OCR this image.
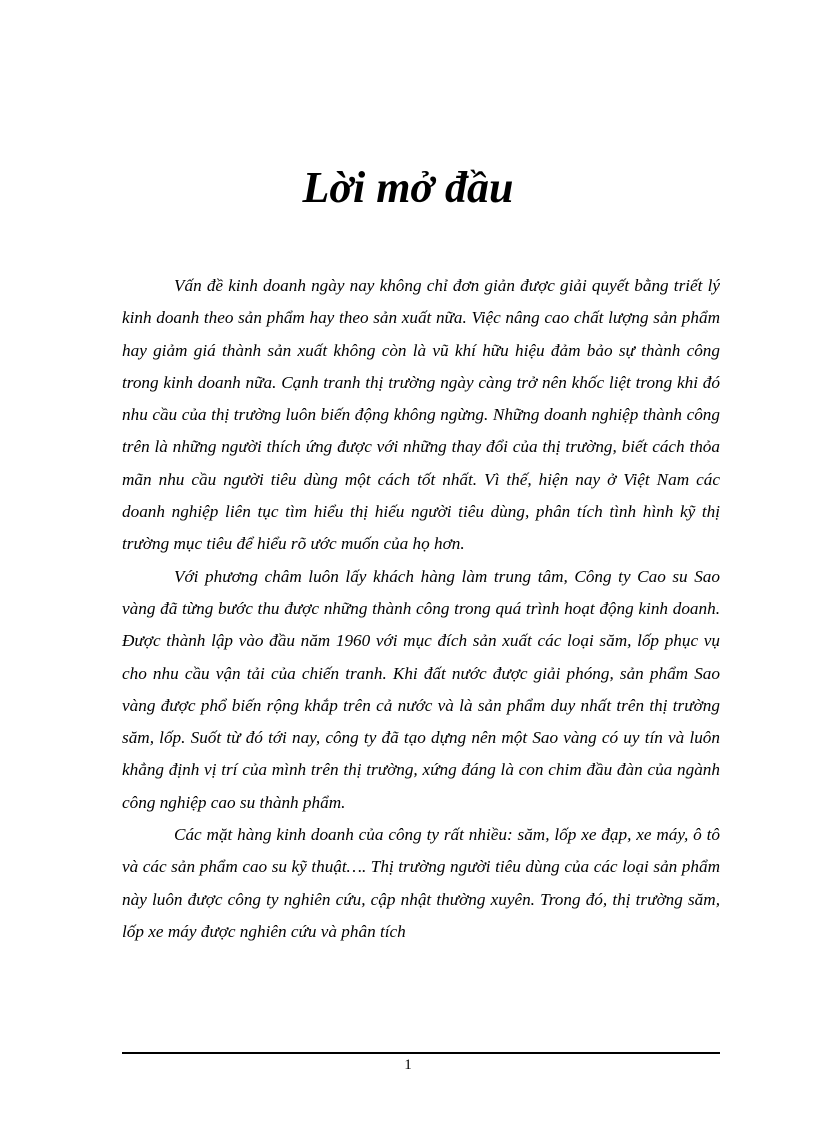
Lời mở đầu

Vấn đề kinh doanh ngày nay không chỉ đơn giản được giải quyết bằng triết lý kinh doanh theo sản phẩm hay theo sản xuất nữa. Việc nâng cao chất lượng sản phẩm hay giảm giá thành sản xuất không còn là vũ khí hữu hiệu đảm bảo sự thành công trong kinh doanh nữa. Cạnh tranh thị trường ngày càng trở nên khốc liệt trong khi đó nhu cầu của thị trường luôn biến động không ngừng. Những doanh nghiệp thành công trên là những người thích ứng được với những thay đổi của thị trường, biết cách thỏa mãn nhu cầu người tiêu dùng một cách tốt nhất. Vì thế, hiện nay ở Việt Nam các doanh nghiệp liên tục tìm hiểu thị hiếu người tiêu dùng, phân tích tình hình kỹ thị trường mục tiêu để hiểu rõ ước muốn của họ hơn.

Với phương châm luôn lấy khách hàng làm trung tâm, Công ty Cao su Sao vàng đã từng bước thu được những thành công trong quá trình hoạt động kinh doanh. Được thành lập vào đầu năm 1960 với mục đích sản xuất các loại săm, lốp phục vụ cho nhu cầu vận tải của chiến tranh. Khi đất nước được giải phóng, sản phẩm Sao vàng được phổ biến rộng khắp trên cả nước và là sản phẩm duy nhất trên thị trường săm, lốp. Suốt từ đó tới nay, công ty đã tạo dựng nên một Sao vàng có uy tín và luôn khẳng định vị trí của mình trên thị trường, xứng đáng là con chim đầu đàn của ngành công nghiệp cao su thành phẩm.

Các mặt hàng kinh doanh của công ty rất nhiều: săm, lốp xe đạp, xe máy, ô tô và các sản phẩm cao su kỹ thuật…. Thị trường người tiêu dùng của các loại sản phẩm này luôn được công ty nghiên cứu, cập nhật thường xuyên. Trong đó, thị trường săm, lốp xe máy được nghiên cứu và phân tích

1
